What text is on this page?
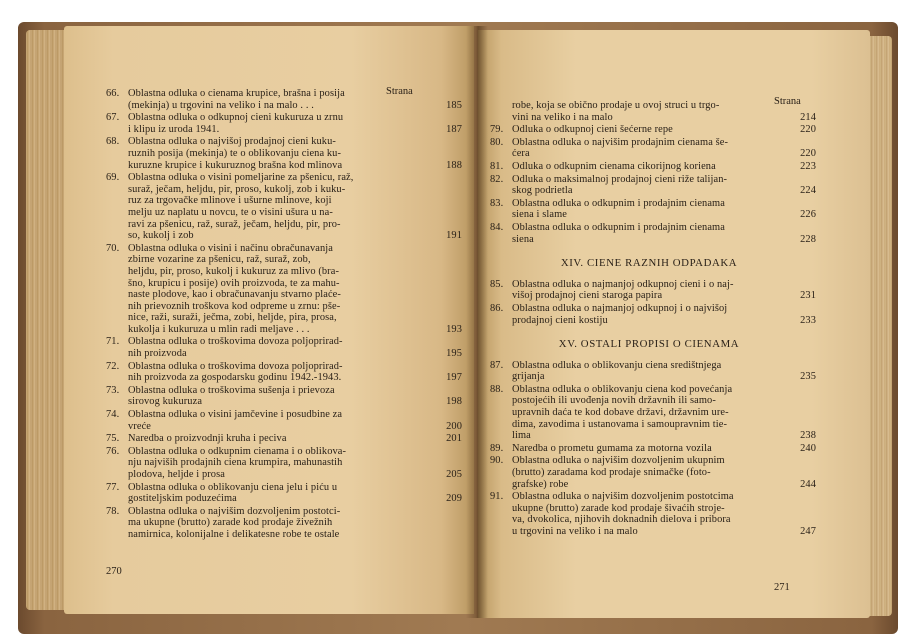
Strana
66. Oblastna odluka o cienama krupice, brašna i posija
(mekinja) u trgovini na veliko i na malo . . .	185
67. Oblastna odluka o odkupnoj cieni kukuruza u zrnu
i klipu iz uroda 1941.	187
68. Oblastna odluka o najvišoj prodajnoj cieni kuku-
ruznih posija (mekinja) te o oblikovanju ciena ku-
kuruzne krupice i kukuruznog brašna kod mlinova	188
69. Oblastna odluka o visini pomeljarine za pšenicu, raž,
suraž, ječam, heljdu, pir, proso, kukolj, zob i kuku-
ruz za trgovačke mlinove i ušurne mlinove, koji
melju uz naplatu u novcu, te o visini ušura u na-
ravi za pšenicu, raž, suraž, ječam, heljdu, pir, pro-
so, kukolj i zob	191
70. Oblastna odluka o visini i načinu obračunavanja
zbirne vozarine za pšenicu, raž, suraž, zob,
heljdu, pir, proso, kukolj i kukuruz za mlivo (bra-
šno, krupicu i posije) ovih proizvoda, te za mahu-
naste plodove, kao i obračunavanju stvarno plaće-
nih prievoznih troškova kod odpreme u zrnu: pše-
nice, raži, suraži, ječma, zobi, heljde, pira, prosa,
kukolja i kukuruza u mlin radi meljave . . .	193
71. Oblastna odluka o troškovima dovoza poljoprirad-
nih proizvoda	195
72. Oblastna odluka o troškovima dovoza poljoprirad-
nih proizvoda za gospodarsku godinu 1942.-1943.	197
73. Oblastna odluka o troškovima sušenja i prievoza
sirovog kukuruza	198
74. Oblastna odluka o visini jamčevine i posudbine za
vreće	200
75. Naredba o proizvodnji kruha i peciva	201
76. Oblastna odluka o odkupnim cienama i o oblikova-
nju najviših prodajnih ciena krumpira, mahunastih
plodova, heljde i prosa	205
77. Oblastna odluka o oblikovanju ciena jelu i piću u
gostiteljskim poduzećima	209
78. Oblastna odluka o najvišim dozvoljenim postotci-
ma ukupne (brutto) zarade kod prodaje živežnih
namirnica, kolonijalne i delikatesne robe te ostale
270
Strana
robe, koja se obično prodaje u ovoj struci u trgo-
vini na veliko i na malo	214
79. Odluka o odkupnoj cieni šećerne repe	220
80. Oblastna odluka o najvišim prodajnim cienama še-
ćera	220
81. Odluka o odkupnim cienama cikorijnog koriena	223
82. Odluka o maksimalnoj prodajnoj cieni riže talijan-
skog podrietla	224
83. Oblastna odluka o odkupnim i prodajnim cienama
siena i slame	226
84. Oblastna odluka o odkupnim i prodajnim cienama
siena	228
XIV. CIENE RAZNIH ODPADAKA
85. Oblastna odluka o najmanjoj odkupnoj cieni i o naj-
višoj prodajnoj cieni staroga papira	231
86. Oblastna odluka o najmanjoj odkupnoj i o najvišoj
prodajnoj cieni kostiju	233
XV. OSTALI PROPISI O CIENAMA
87. Oblastna odluka o oblikovanju ciena središtnjega
grijanja	235
88. Oblastna odluka o oblikovanju ciena kod povećanja
postojećih ili uvođenja novih državnih ili samo-
upravnih daća te kod dobave državi, državnim ure-
dima, zavodima i ustanovama i samoupravnim tie-
lima	238
89. Naredba o prometu gumama za motorna vozila	240
90. Oblastna odluka o najvišim dozvoljenim ukupnim
(brutto) zaradama kod prodaje snimačke (foto-
grafske) robe	244
91. Oblastna odluka o najvišim dozvoljenim postotcima
ukupne (brutto) zarade kod prodaje šivaćih stroje-
va, dvokolica, njihovih doknadnih dielova i pribora
u trgovini na veliko i na malo	247
271
